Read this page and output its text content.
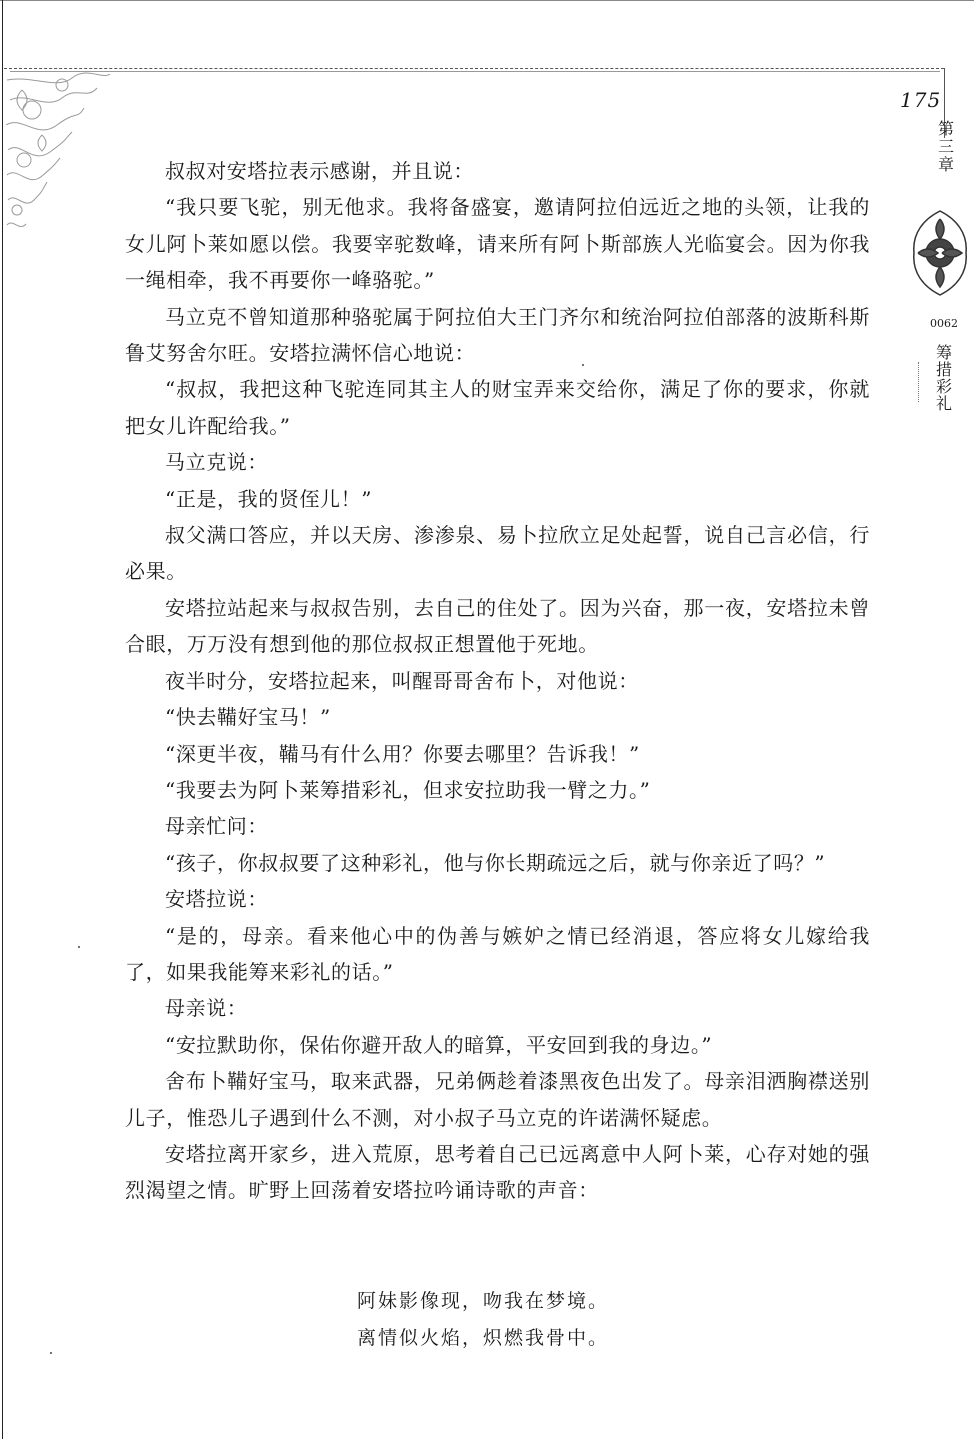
175
第三章
0062
筹措彩礼

叔叔对安塔拉表示感谢，并且说：

“我只要飞驼，别无他求。我将备盛宴，邀请阿拉伯远近之地的头领，让我的女儿阿卜莱如愿以偿。我要宰驼数峰，请来所有阿卜斯部族人光临宴会。因为你我一绳相牵，我不再要你一峰骆驼。”

马立克不曾知道那种骆驼属于阿拉伯大王门齐尔和统治阿拉伯部落的波斯科斯鲁艾努舍尔旺。安塔拉满怀信心地说：

“叔叔，我把这种飞驼连同其主人的财宝弄来交给你，满足了你的要求，你就把女儿许配给我。”

马立克说：

“正是，我的贤侄儿！”

叔父满口答应，并以天房、渗渗泉、易卜拉欣立足处起誓，说自己言必信，行必果。

安塔拉站起来与叔叔告别，去自己的住处了。因为兴奋，那一夜，安塔拉未曾合眼，万万没有想到他的那位叔叔正想置他于死地。

夜半时分，安塔拉起来，叫醒哥哥舍布卜，对他说：

“快去鞴好宝马！”

“深更半夜，鞴马有什么用？你要去哪里？告诉我！”

“我要去为阿卜莱筹措彩礼，但求安拉助我一臂之力。”

母亲忙问：

“孩子，你叔叔要了这种彩礼，他与你长期疏远之后，就与你亲近了吗？”

安塔拉说：

“是的，母亲。看来他心中的伪善与嫉妒之情已经消退，答应将女儿嫁给我了，如果我能筹来彩礼的话。”

母亲说：

“安拉默助你，保佑你避开敌人的暗算，平安回到我的身边。”

舍布卜鞴好宝马，取来武器，兄弟俩趁着漆黑夜色出发了。母亲泪洒胸襟送别儿子，惟恐儿子遇到什么不测，对小叔子马立克的许诺满怀疑虑。

安塔拉离开家乡，进入荒原，思考着自己已远离意中人阿卜莱，心存对她的强烈渴望之情。旷野上回荡着安塔拉吟诵诗歌的声音：

阿妹影像现，吻我在梦境。

离情似火焰，炽燃我骨中。
